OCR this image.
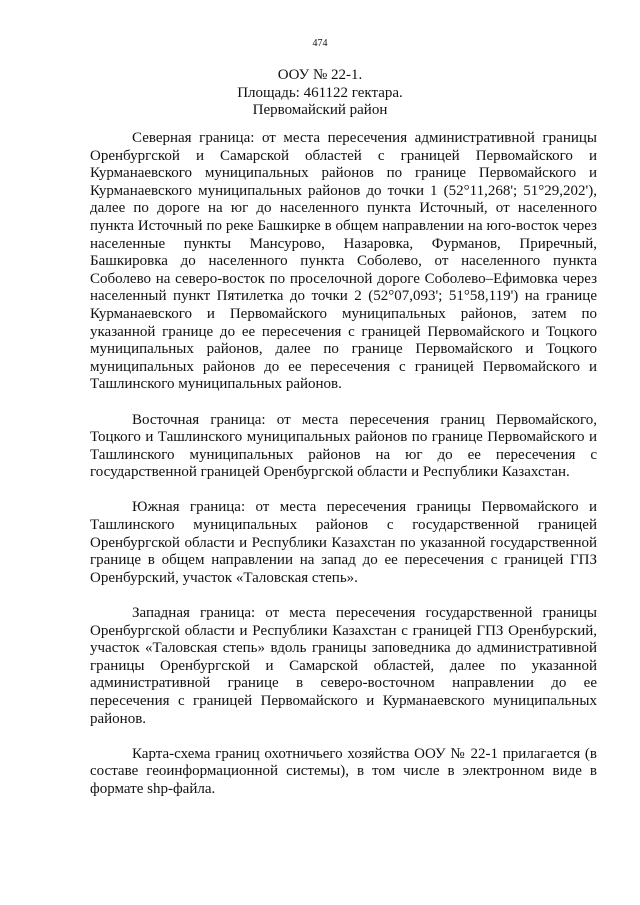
474
ООУ № 22-1.
Площадь: 461122 гектара.
Первомайский район

Северная граница: от места пересечения административной границы Оренбургской и Самарской областей с границей Первомайского и Курманаевского муниципальных районов по границе Первомайского и Курманаевского муниципальных районов до точки 1 (52°11,268'; 51°29,202'), далее по дороге на юг до населенного пункта Источный, от населенного пункта Источный по реке Башкирке в общем направлении на юго-восток через населенные пункты Мансурово, Назаровка, Фурманов, Приречный, Башкировка до населенного пункта Соболево, от населенного пункта Соболево на северо-восток по проселочной дороге Соболево–Ефимовка через населенный пункт Пятилетка до точки 2 (52°07,093'; 51°58,119') на границе Курманаевского и Первомайского муниципальных районов, затем по указанной границе до ее пересечения с границей Первомайского и Тоцкого муниципальных районов, далее по границе Первомайского и Тоцкого муниципальных районов до ее пересечения с границей Первомайского и Ташлинского муниципальных районов.

Восточная граница: от места пересечения границ Первомайского, Тоцкого и Ташлинского муниципальных районов по границе Первомайского и Ташлинского муниципальных районов на юг до ее пересечения с государственной границей Оренбургской области и Республики Казахстан.

Южная граница: от места пересечения границы Первомайского и Ташлинского муниципальных районов с государственной границей Оренбургской области и Республики Казахстан по указанной государственной границе в общем направлении на запад до ее пересечения с границей ГПЗ Оренбурский, участок «Таловская степь».

Западная граница: от места пересечения государственной границы Оренбургской области и Республики Казахстан с границей ГПЗ Оренбурский, участок «Таловская степь» вдоль границы заповедника до административной границы Оренбургской и Самарской областей, далее по указанной административной границе в северо-восточном направлении до ее пересечения с границей Первомайского и Курманаевского муниципальных районов.

Карта-схема границ охотничьего хозяйства ООУ № 22-1 прилагается (в составе геоинформационной системы), в том числе в электронном виде в формате shp-файла.
